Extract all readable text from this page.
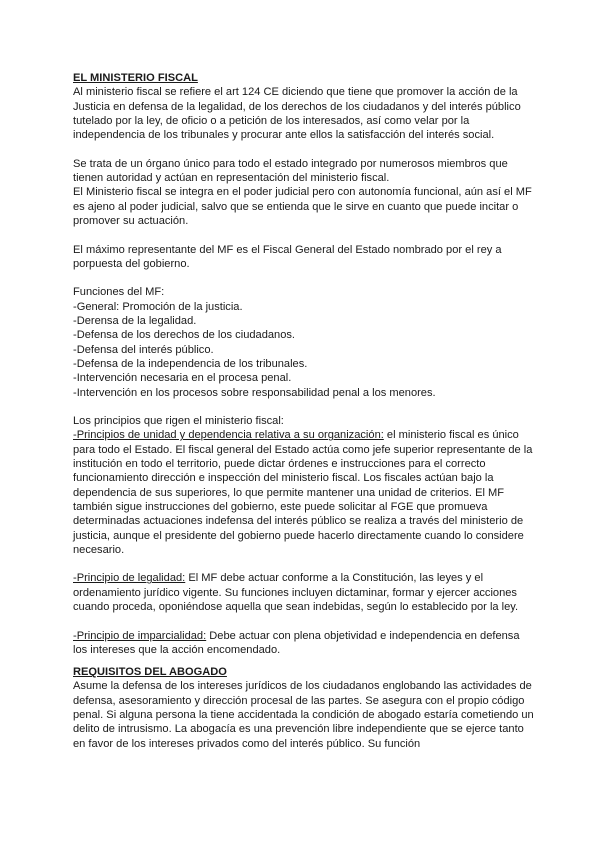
EL MINISTERIO FISCAL

Al ministerio fiscal se refiere el art 124 CE diciendo que tiene que promover la acción de la Justicia en defensa de la legalidad, de los derechos de los ciudadanos y del interés público tutelado por la ley, de oficio o a petición de los interesados, así como velar por la independencia de los tribunales y procurar ante ellos la satisfacción del interés social.

Se trata de un órgano único para todo el estado integrado por numerosos miembros que tienen autoridad y actúan en representación del ministerio fiscal.

El Ministerio fiscal se integra en el poder judicial pero con autonomía funcional, aún así el MF es ajeno al poder judicial, salvo que se entienda que le sirve en cuanto que puede incitar o promover su actuación.

El máximo representante del MF es el Fiscal General del Estado nombrado por el rey a porpuesta del gobierno.

Funciones del MF:

-General: Promoción de la justicia.

-Derensa de la legalidad.

-Defensa de los derechos de los ciudadanos.

-Defensa del interés público.

-Defensa de la independencia de los tribunales.

-Intervención necesaria en el procesa penal.

-Intervención en los procesos sobre responsabilidad penal a los menores.

Los principios que rigen el ministerio fiscal:

-Principios de unidad y dependencia relativa a su organización: el ministerio fiscal es único para todo el Estado. El fiscal general del Estado actúa como jefe superior representante de la institución en todo el territorio, puede dictar órdenes e instrucciones para el correcto funcionamiento dirección e inspección del ministerio fiscal. Los fiscales actúan bajo la dependencia de sus superiores, lo que permite mantener una unidad de criterios. El MF también sigue instrucciones del gobierno, este puede solicitar al FGE que promueva determinadas actuaciones indefensa del interés público se realiza a través del ministerio de justicia, aunque el presidente del gobierno puede hacerlo directamente cuando lo considere necesario.

-Principio de legalidad: El MF debe actuar conforme a la Constitución, las leyes y el ordenamiento jurídico vigente. Su funciones incluyen dictaminar, formar y ejercer acciones cuando proceda, oponiéndose aquella que sean indebidas, según lo establecido por la ley.

-Principio de imparcialidad: Debe actuar con plena objetividad e independencia en defensa los intereses que la acción encomendado.

REQUISITOS DEL ABOGADO

Asume la defensa de los intereses jurídicos de los ciudadanos englobando las actividades de defensa, asesoramiento y dirección procesal de las partes. Se asegura con el propio código penal. Si alguna persona la tiene accidentada la condición de abogado estaría cometiendo un delito de intrusismo. La abogacía es una prevención libre independiente que se ejerce tanto en favor de los intereses privados como del interés público. Su función
